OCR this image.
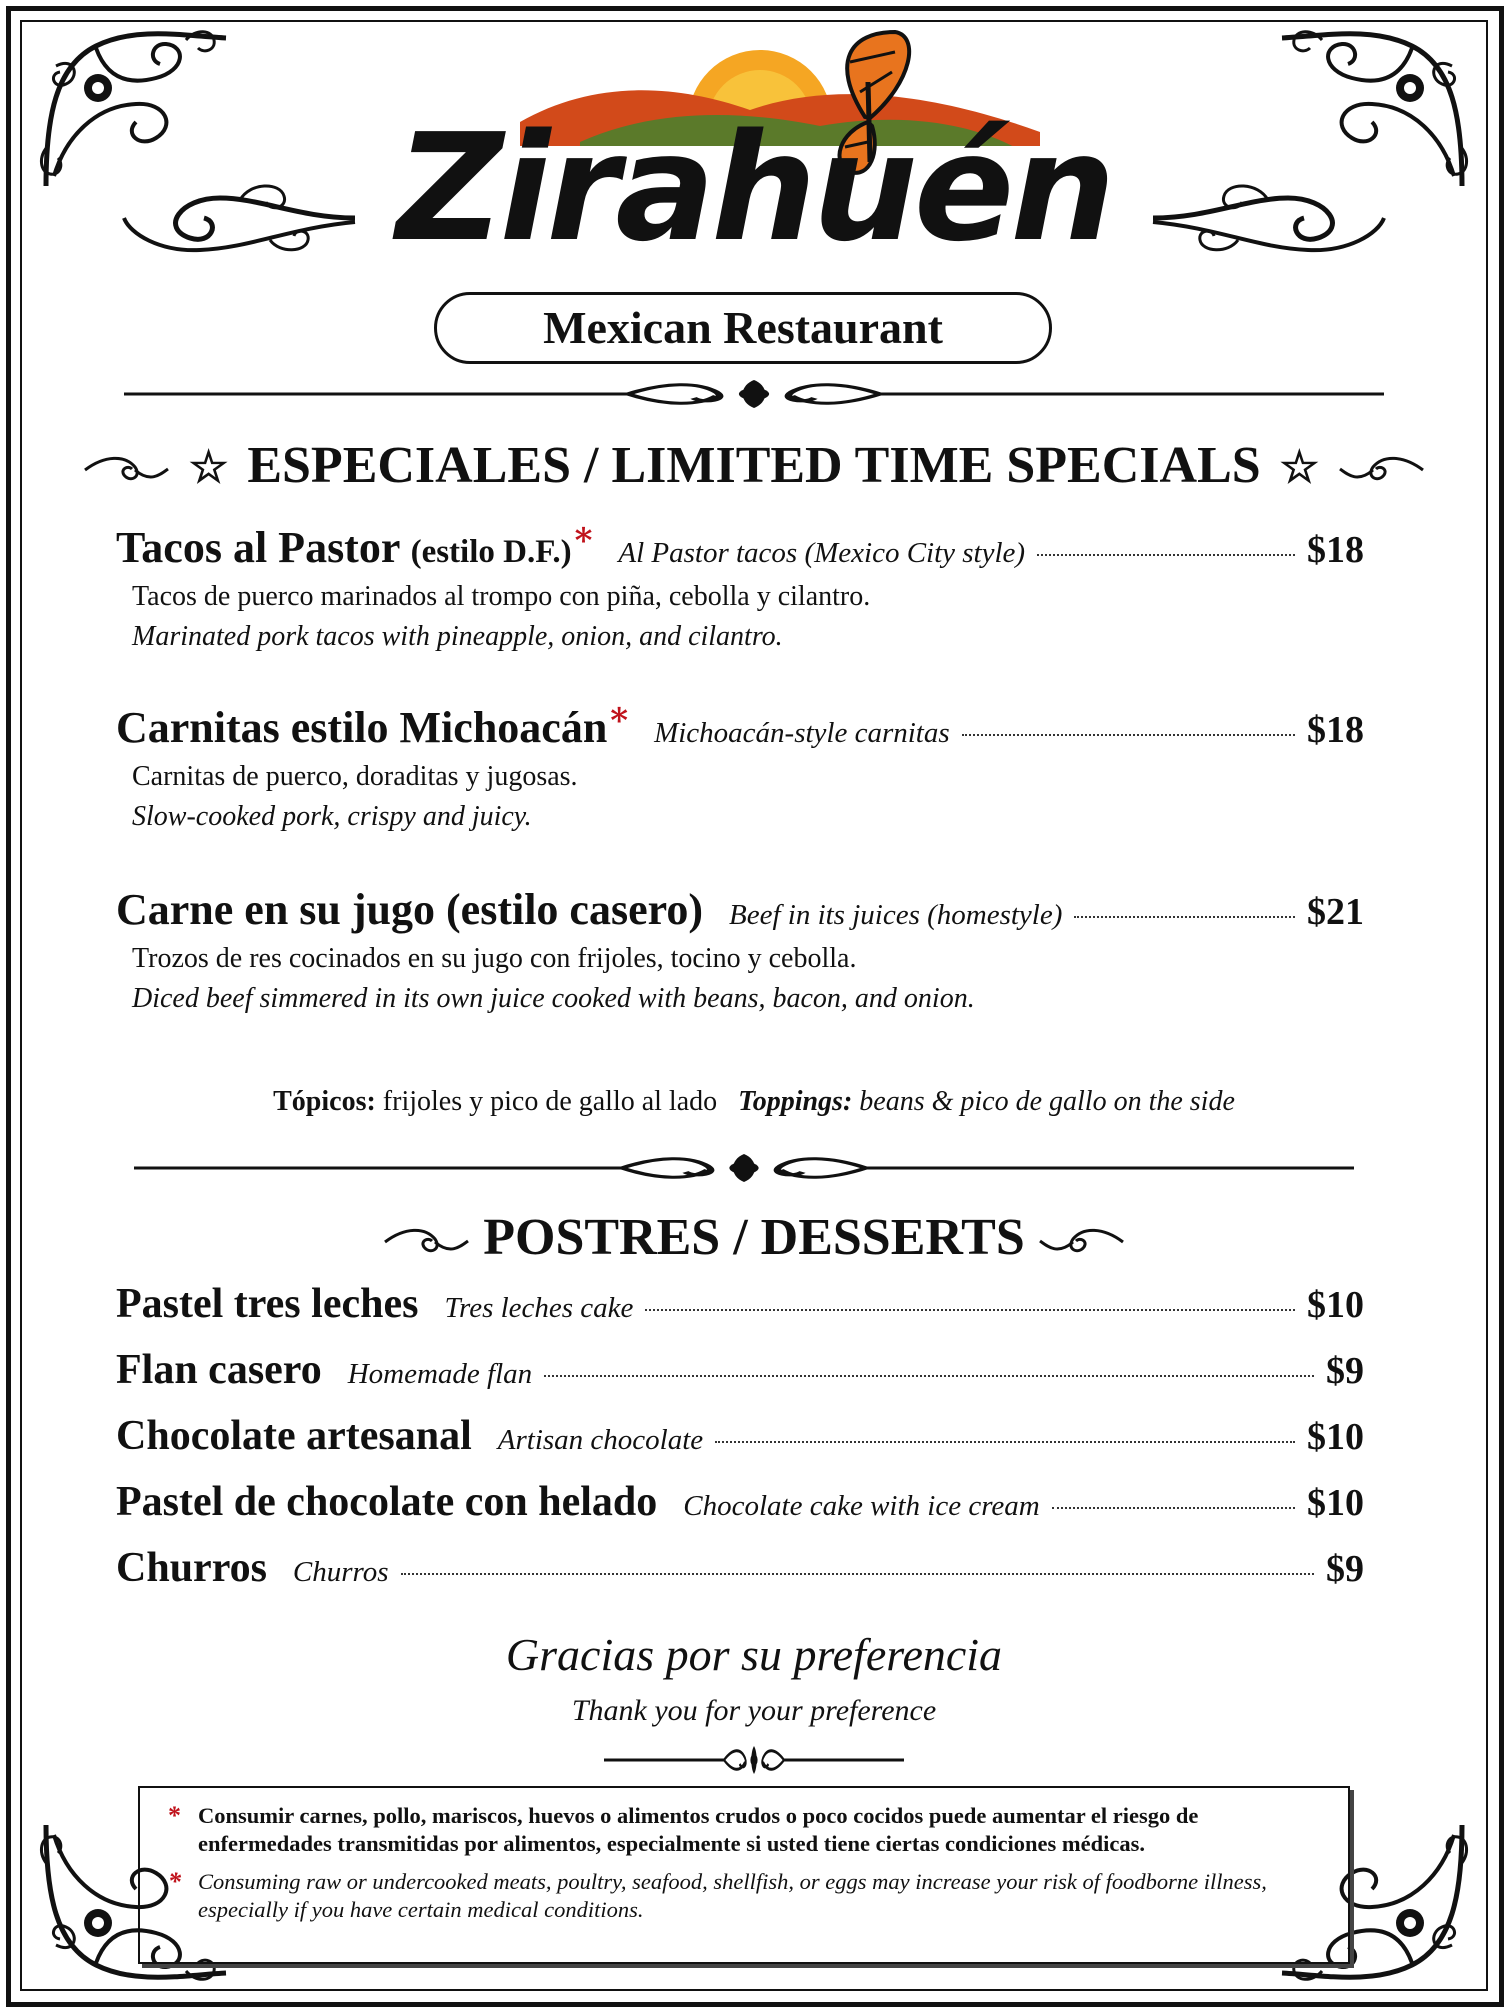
Zirahuén
Mexican Restaurant
☆ ESPECIALES / LIMITED TIME SPECIALS ☆
Tacos al Pastor (estilo D.F.) * Al Pastor tacos (Mexico City style)	$18
Tacos de puerco marinados al trompo con piña, cebolla y cilantro.
Marinated pork tacos with pineapple, onion, and cilantro.
Carnitas estilo Michoacán * Michoacán-style carnitas	$18
Carnitas de puerco, doraditas y jugosas.
Slow-cooked pork, crispy and juicy.
Carne en su jugo (estilo casero) Beef in its juices (homestyle)	$21
Trozos de res cocinados en su jugo con frijoles, tocino y cebolla.
Diced beef simmered in its own juice cooked with beans, bacon, and onion.
Tópicos: frijoles y pico de gallo al lado Toppings: beans & pico de gallo on the side
POSTRES / DESSERTS
Pastel tres leches Tres leches cake	$10
Flan casero Homemade flan	$9
Chocolate artesanal Artisan chocolate	$10
Pastel de chocolate con helado Chocolate cake with ice cream	$10
Churros Churros	$9
Gracias por su preferencia
Thank you for your preference

* Consumir carnes, pollo, mariscos, huevos o alimentos crudos o poco cocidos puede aumentar el riesgo de enfermedades transmitidas por alimentos, especialmente si usted tiene ciertas condiciones médicas.

* Consuming raw or undercooked meats, poultry, seafood, shellfish, or eggs may increase your risk of foodborne illness, especially if you have certain medical conditions.
